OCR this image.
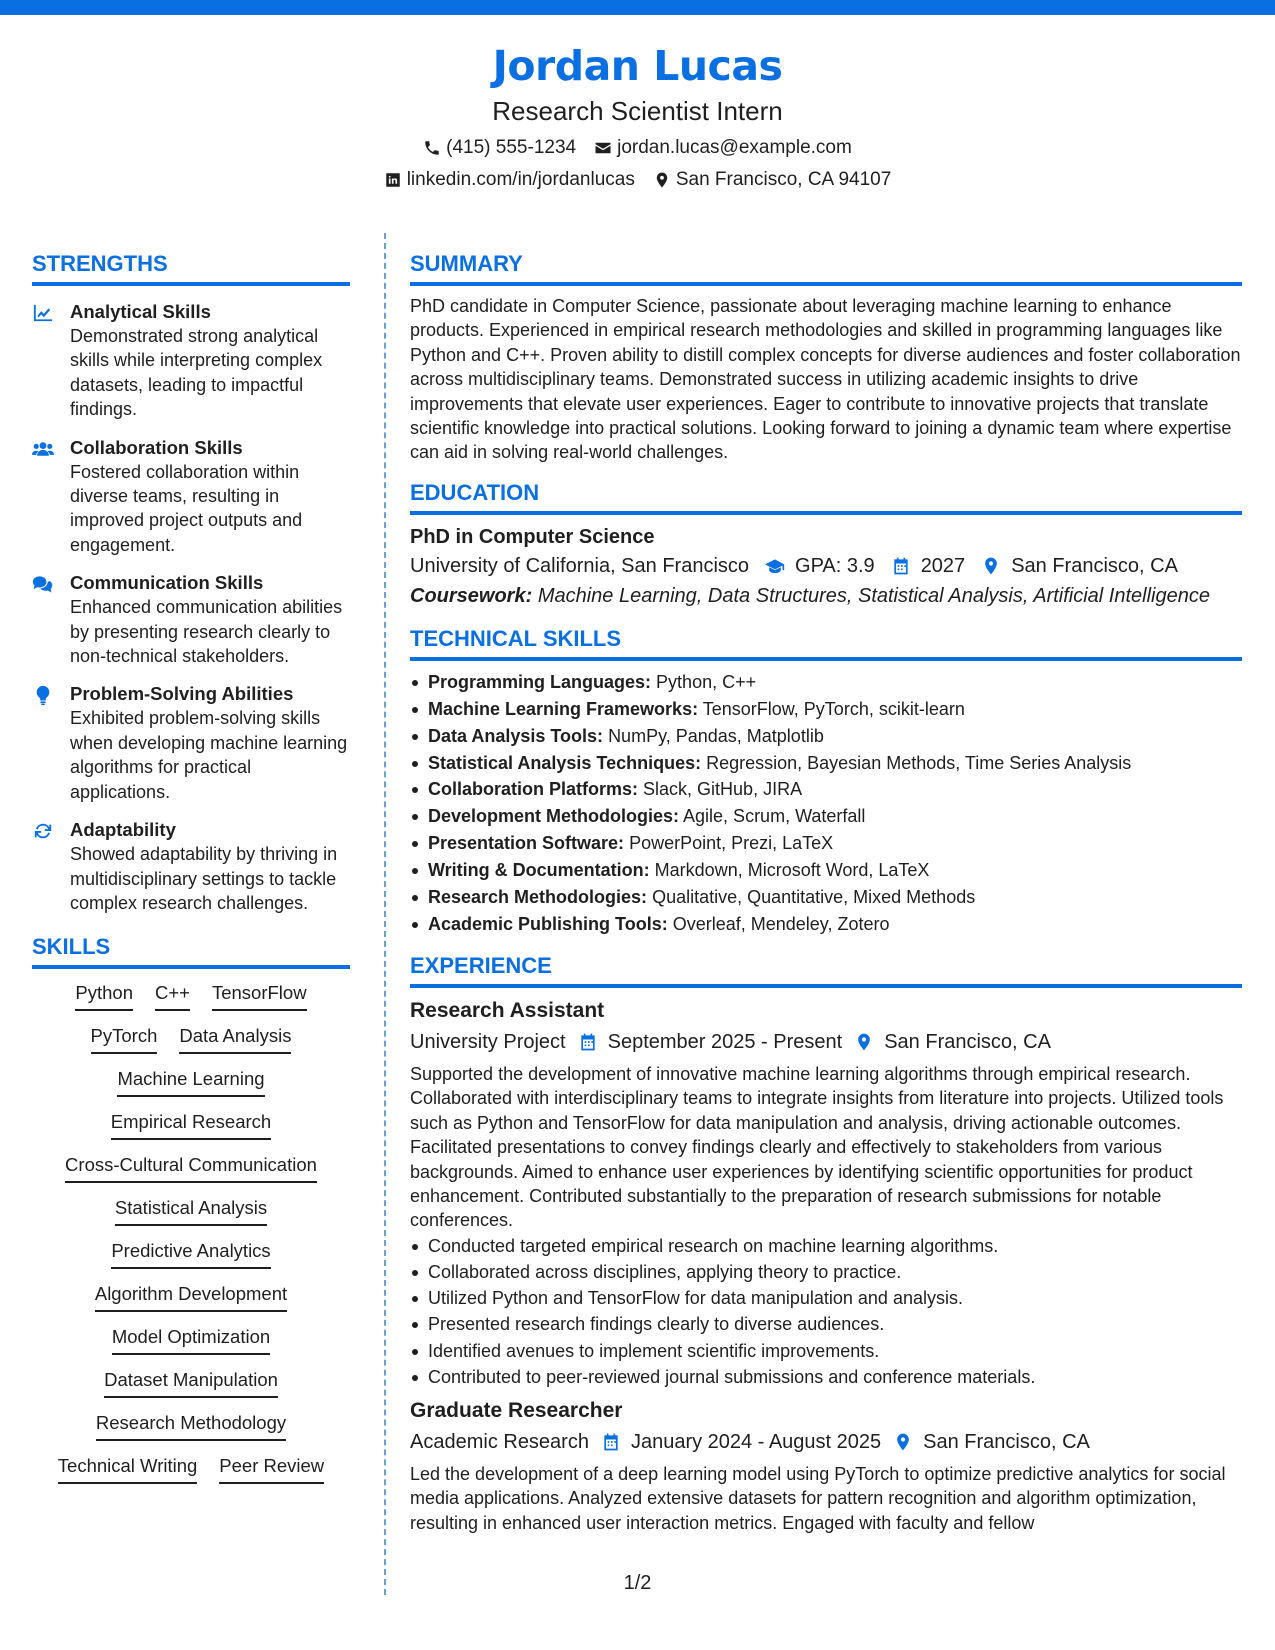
Jordan Lucas
Research Scientist Intern
(415) 555-1234 jordan.lucas@example.com
linkedin.com/in/jordanlucas San Francisco, CA 94107
STRENGTHS
Analytical Skills
Demonstrated strong analytical skills while interpreting complex datasets, leading to impactful findings.
Collaboration Skills
Fostered collaboration within diverse teams, resulting in improved project outputs and engagement.
Communication Skills
Enhanced communication abilities by presenting research clearly to non-technical stakeholders.
Problem-Solving Abilities
Exhibited problem-solving skills when developing machine learning algorithms for practical applications.
Adaptability
Showed adaptability by thriving in multidisciplinary settings to tackle complex research challenges.
SKILLS
Python C++ TensorFlow
PyTorch Data Analysis
Machine Learning
Empirical Research
Cross-Cultural Communication
Statistical Analysis
Predictive Analytics
Algorithm Development
Model Optimization
Dataset Manipulation
Research Methodology
Technical Writing Peer Review
SUMMARY

PhD candidate in Computer Science, passionate about leveraging machine learning to enhance products. Experienced in empirical research methodologies and skilled in programming languages like Python and C++. Proven ability to distill complex concepts for diverse audiences and foster collaboration across multidisciplinary teams. Demonstrated success in utilizing academic insights to drive improvements that elevate user experiences. Eager to contribute to innovative projects that translate scientific knowledge into practical solutions. Looking forward to joining a dynamic team where expertise can aid in solving real-world challenges.

EDUCATION
PhD in Computer Science
University of California, San Francisco GPA: 3.9 2027 San Francisco, CA
Coursework: Machine Learning, Data Structures, Statistical Analysis, Artificial Intelligence
TECHNICAL SKILLS
Programming Languages: Python, C++
Machine Learning Frameworks: TensorFlow, PyTorch, scikit-learn
Data Analysis Tools: NumPy, Pandas, Matplotlib
Statistical Analysis Techniques: Regression, Bayesian Methods, Time Series Analysis
Collaboration Platforms: Slack, GitHub, JIRA
Development Methodologies: Agile, Scrum, Waterfall
Presentation Software: PowerPoint, Prezi, LaTeX
Writing & Documentation: Markdown, Microsoft Word, LaTeX
Research Methodologies: Qualitative, Quantitative, Mixed Methods
Academic Publishing Tools: Overleaf, Mendeley, Zotero
EXPERIENCE
Research Assistant
University Project September 2025 - Present San Francisco, CA

Supported the development of innovative machine learning algorithms through empirical research. Collaborated with interdisciplinary teams to integrate insights from literature into projects. Utilized tools such as Python and TensorFlow for data manipulation and analysis, driving actionable outcomes. Facilitated presentations to convey findings clearly and effectively to stakeholders from various backgrounds. Aimed to enhance user experiences by identifying scientific opportunities for product enhancement. Contributed substantially to the preparation of research submissions for notable conferences.

Conducted targeted empirical research on machine learning algorithms.
Collaborated across disciplines, applying theory to practice.
Utilized Python and TensorFlow for data manipulation and analysis.
Presented research findings clearly to diverse audiences.
Identified avenues to implement scientific improvements.
Contributed to peer-reviewed journal submissions and conference materials.
Graduate Researcher
Academic Research January 2024 - August 2025 San Francisco, CA

Led the development of a deep learning model using PyTorch to optimize predictive analytics for social media applications. Analyzed extensive datasets for pattern recognition and algorithm optimization, resulting in enhanced user interaction metrics. Engaged with faculty and fellow

1/2
